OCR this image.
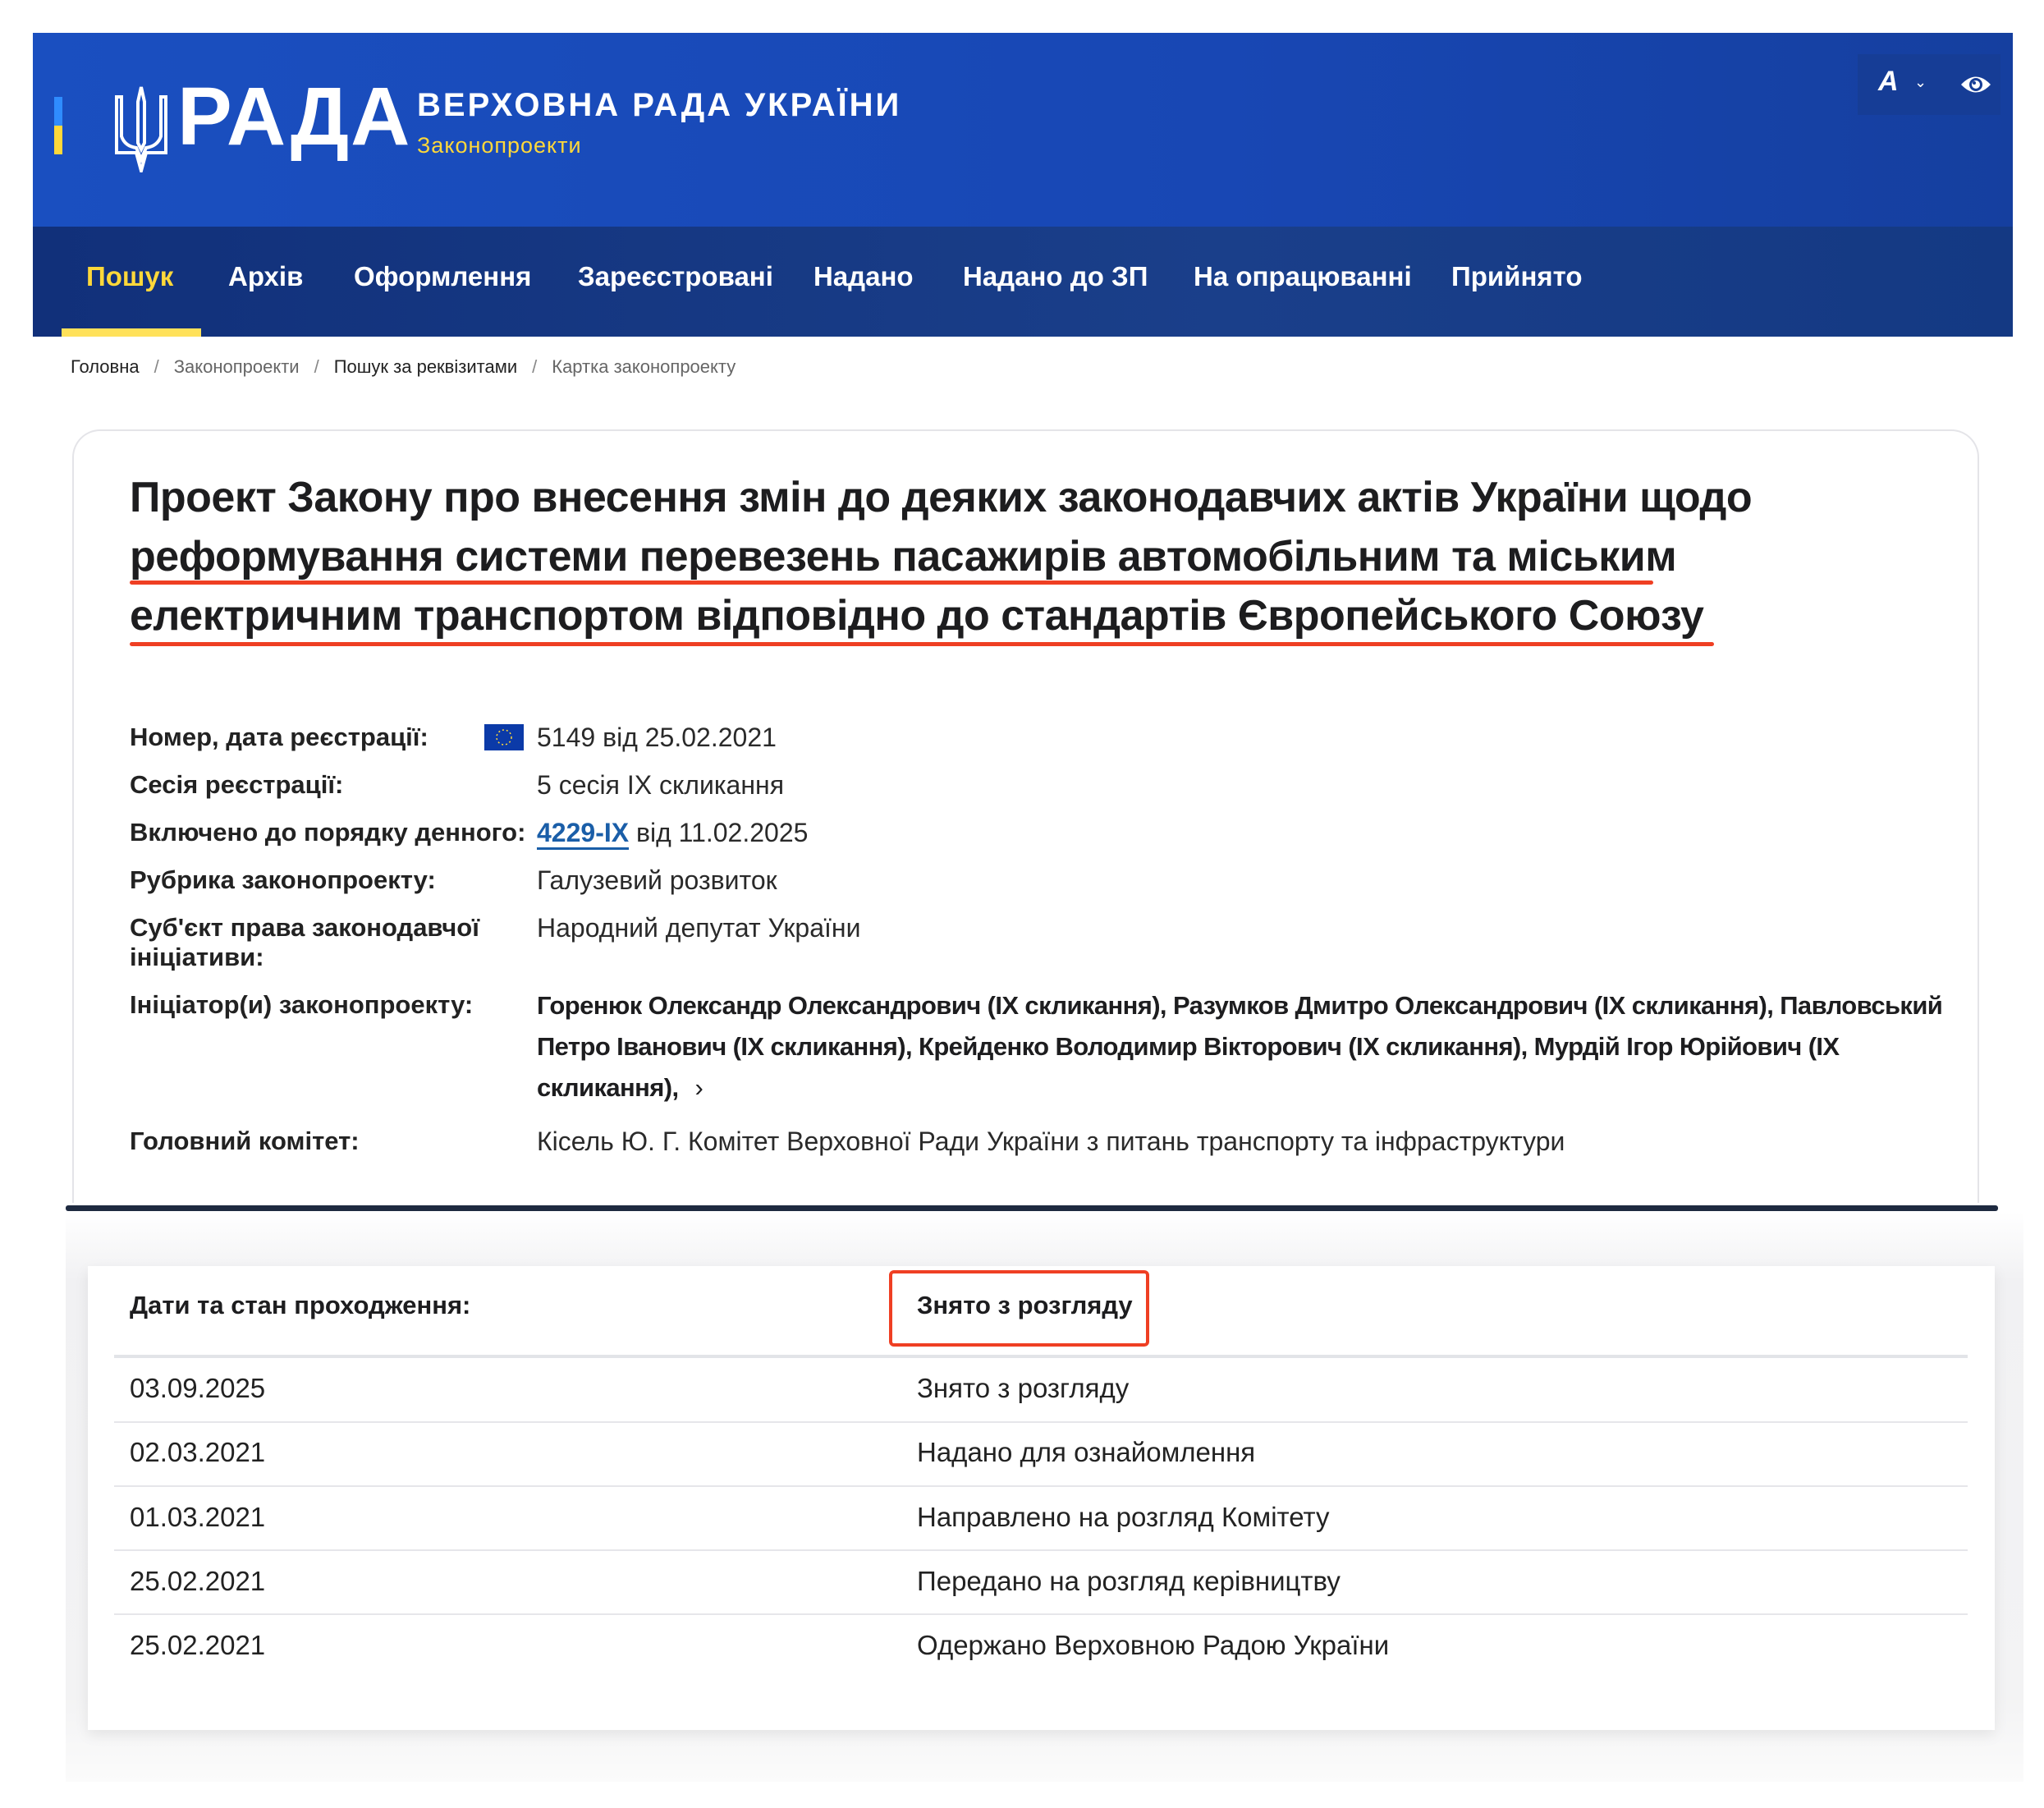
РАДА ВЕРХОВНА РАДА УКРАЇНИ
Законопроекти
A ⌄
Пошук Архів Оформлення Зареєстровані Надано Надано до ЗП На опрацюванні Прийнято
Головна / Законопроекти / Пошук за реквізитами / Картка законопроекту
Проект Закону про внесення змін до деяких законодавчих актів України щодо
реформування системи перевезень пасажирів автомобільним та міським
електричним транспортом відповідно до стандартів Європейського Союзу
Номер, дата реєстрації:	5149 від 25.02.2021
Сесія реєстрації:	5 сесія IX скликання
Включено до порядку денного: 4229-IX від 11.02.2025
Рубрика законопроекту:	Галузевий розвиток
Суб'єкт права законодавчої ініціативи:
Народний депутат України
Ініціатор(и) законопроекту:	Горенюк Олександр Олександрович (IX скликання), Разумков Дмитро Олександрович (IX скликання), Павловський Петро Іванович (IX скликання), Крейденко Володимир Вікторович (IX скликання), Мурдій Ігор Юрійович (IX скликання), ›
Головний комітет:	Кісель Ю. Г. Комітет Верховної Ради України з питань транспорту та інфраструктури
Дати та стан проходження:	Знято з розгляду
03.09.2025	Знято з розгляду
02.03.2021	Надано для ознайомлення
01.03.2021	Направлено на розгляд Комітету
25.02.2021	Передано на розгляд керівництву
25.02.2021	Одержано Верховною Радою України
